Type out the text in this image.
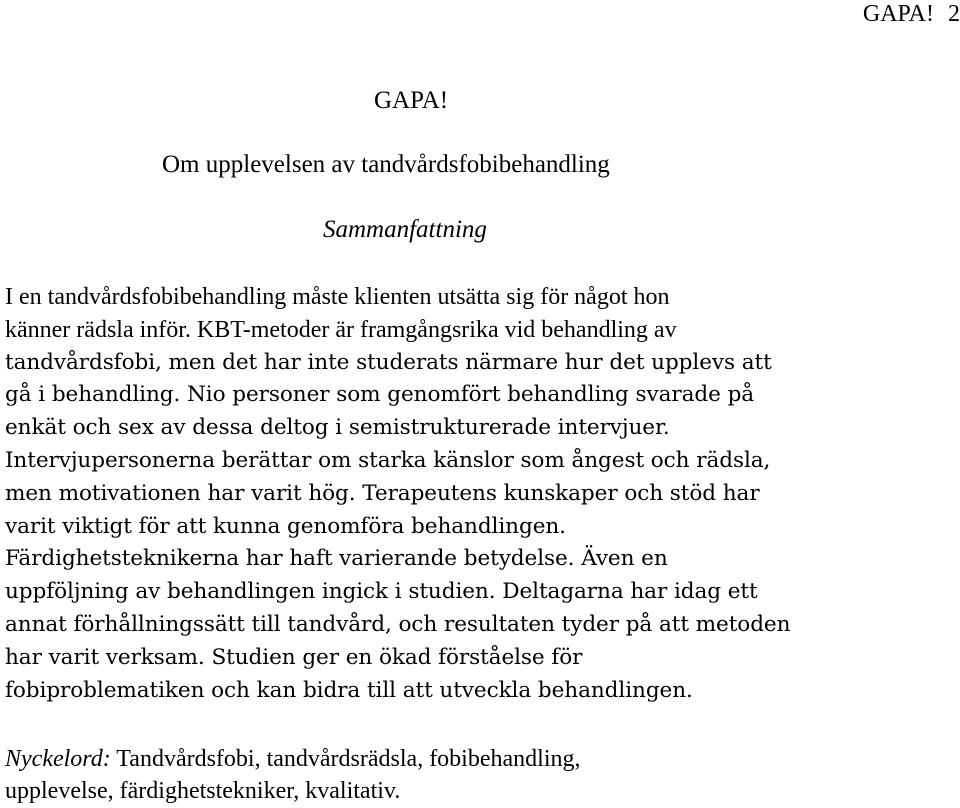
GAPA! 2
GAPA!
Om upplevelsen av tandvårdsfobibehandling
Sammanfattning

I en tandvårdsfobibehandling måste klienten utsätta sig för något hon
känner rädsla inför. KBT-metoder är framgångsrika vid behandling av
tandvårdsfobi, men det har inte studerats närmare hur det upplevs att
gå i behandling. Nio personer som genomfört behandling svarade på
enkät och sex av dessa deltog i semistrukturerade intervjuer.
Intervjupersonerna berättar om starka känslor som ångest och rädsla,
men motivationen har varit hög. Terapeutens kunskaper och stöd har
varit viktigt för att kunna genomföra behandlingen.
Färdighetsteknikerna har haft varierande betydelse. Även en
uppföljning av behandlingen ingick i studien. Deltagarna har idag ett
annat förhållningssätt till tandvård, och resultaten tyder på att metoden
har varit verksam. Studien ger en ökad förståelse för
fobiproblematiken och kan bidra till att utveckla behandlingen.

Nyckelord: Tandvårdsfobi, tandvårdsrädsla, fobibehandling,
upplevelse, färdighetstekniker, kvalitativ.
